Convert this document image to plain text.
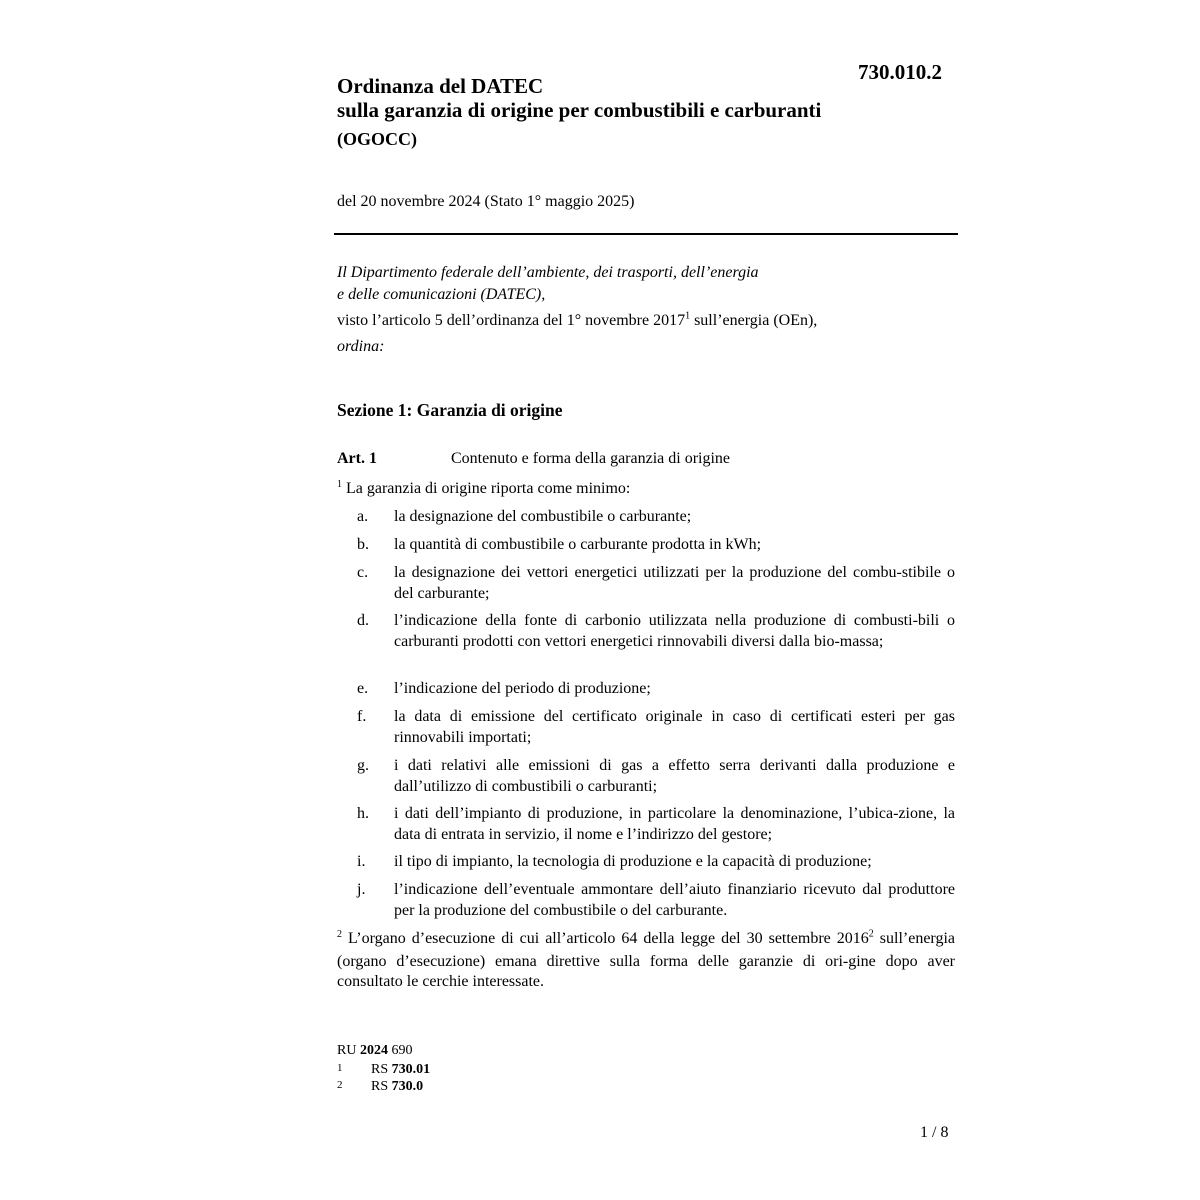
730.010.2
Ordinanza del DATEC
sulla garanzia di origine per combustibili e carburanti
(OGOCC)
del 20 novembre 2024 (Stato 1° maggio 2025)
Il Dipartimento federale dell’ambiente, dei trasporti, dell’energia
e delle comunicazioni (DATEC),
visto l’articolo 5 dell’ordinanza del 1° novembre 2017$^1$ sull’energia (OEn),
ordina:
Sezione 1: Garanzia di origine
Art. 1	Contenuto e forma della garanzia di origine
$^1$ La garanzia di origine riporta come minimo:
a. la designazione del combustibile o carburante;
b. la quantità di combustibile o carburante prodotta in kWh;
c. la designazione dei vettori energetici utilizzati per la produzione del combu-stibile o del carburante;
d. l’indicazione della fonte di carbonio utilizzata nella produzione di combusti-bili o carburanti prodotti con vettori energetici rinnovabili diversi dalla bio-massa;
e. l’indicazione del periodo di produzione;
f. la data di emissione del certificato originale in caso di certificati esteri per gas rinnovabili importati;
g. i dati relativi alle emissioni di gas a effetto serra derivanti dalla produzione e dall’utilizzo di combustibili o carburanti;
h. i dati dell’impianto di produzione, in particolare la denominazione, l’ubica-zione, la data di entrata in servizio, il nome e l’indirizzo del gestore;
i. il tipo di impianto, la tecnologia di produzione e la capacità di produzione;
j. l’indicazione dell’eventuale ammontare dell’aiuto finanziario ricevuto dal produttore per la produzione del combustibile o del carburante.
$^2$ L’organo d’esecuzione di cui all’articolo 64 della legge del 30 settembre 2016$^2$ sull’energia (organo d’esecuzione) emana direttive sulla forma delle garanzie di ori-gine dopo aver consultato le cerchie interessate.
RU 2024 690
1 RS 730.01
2 RS 730.0
1 / 8
